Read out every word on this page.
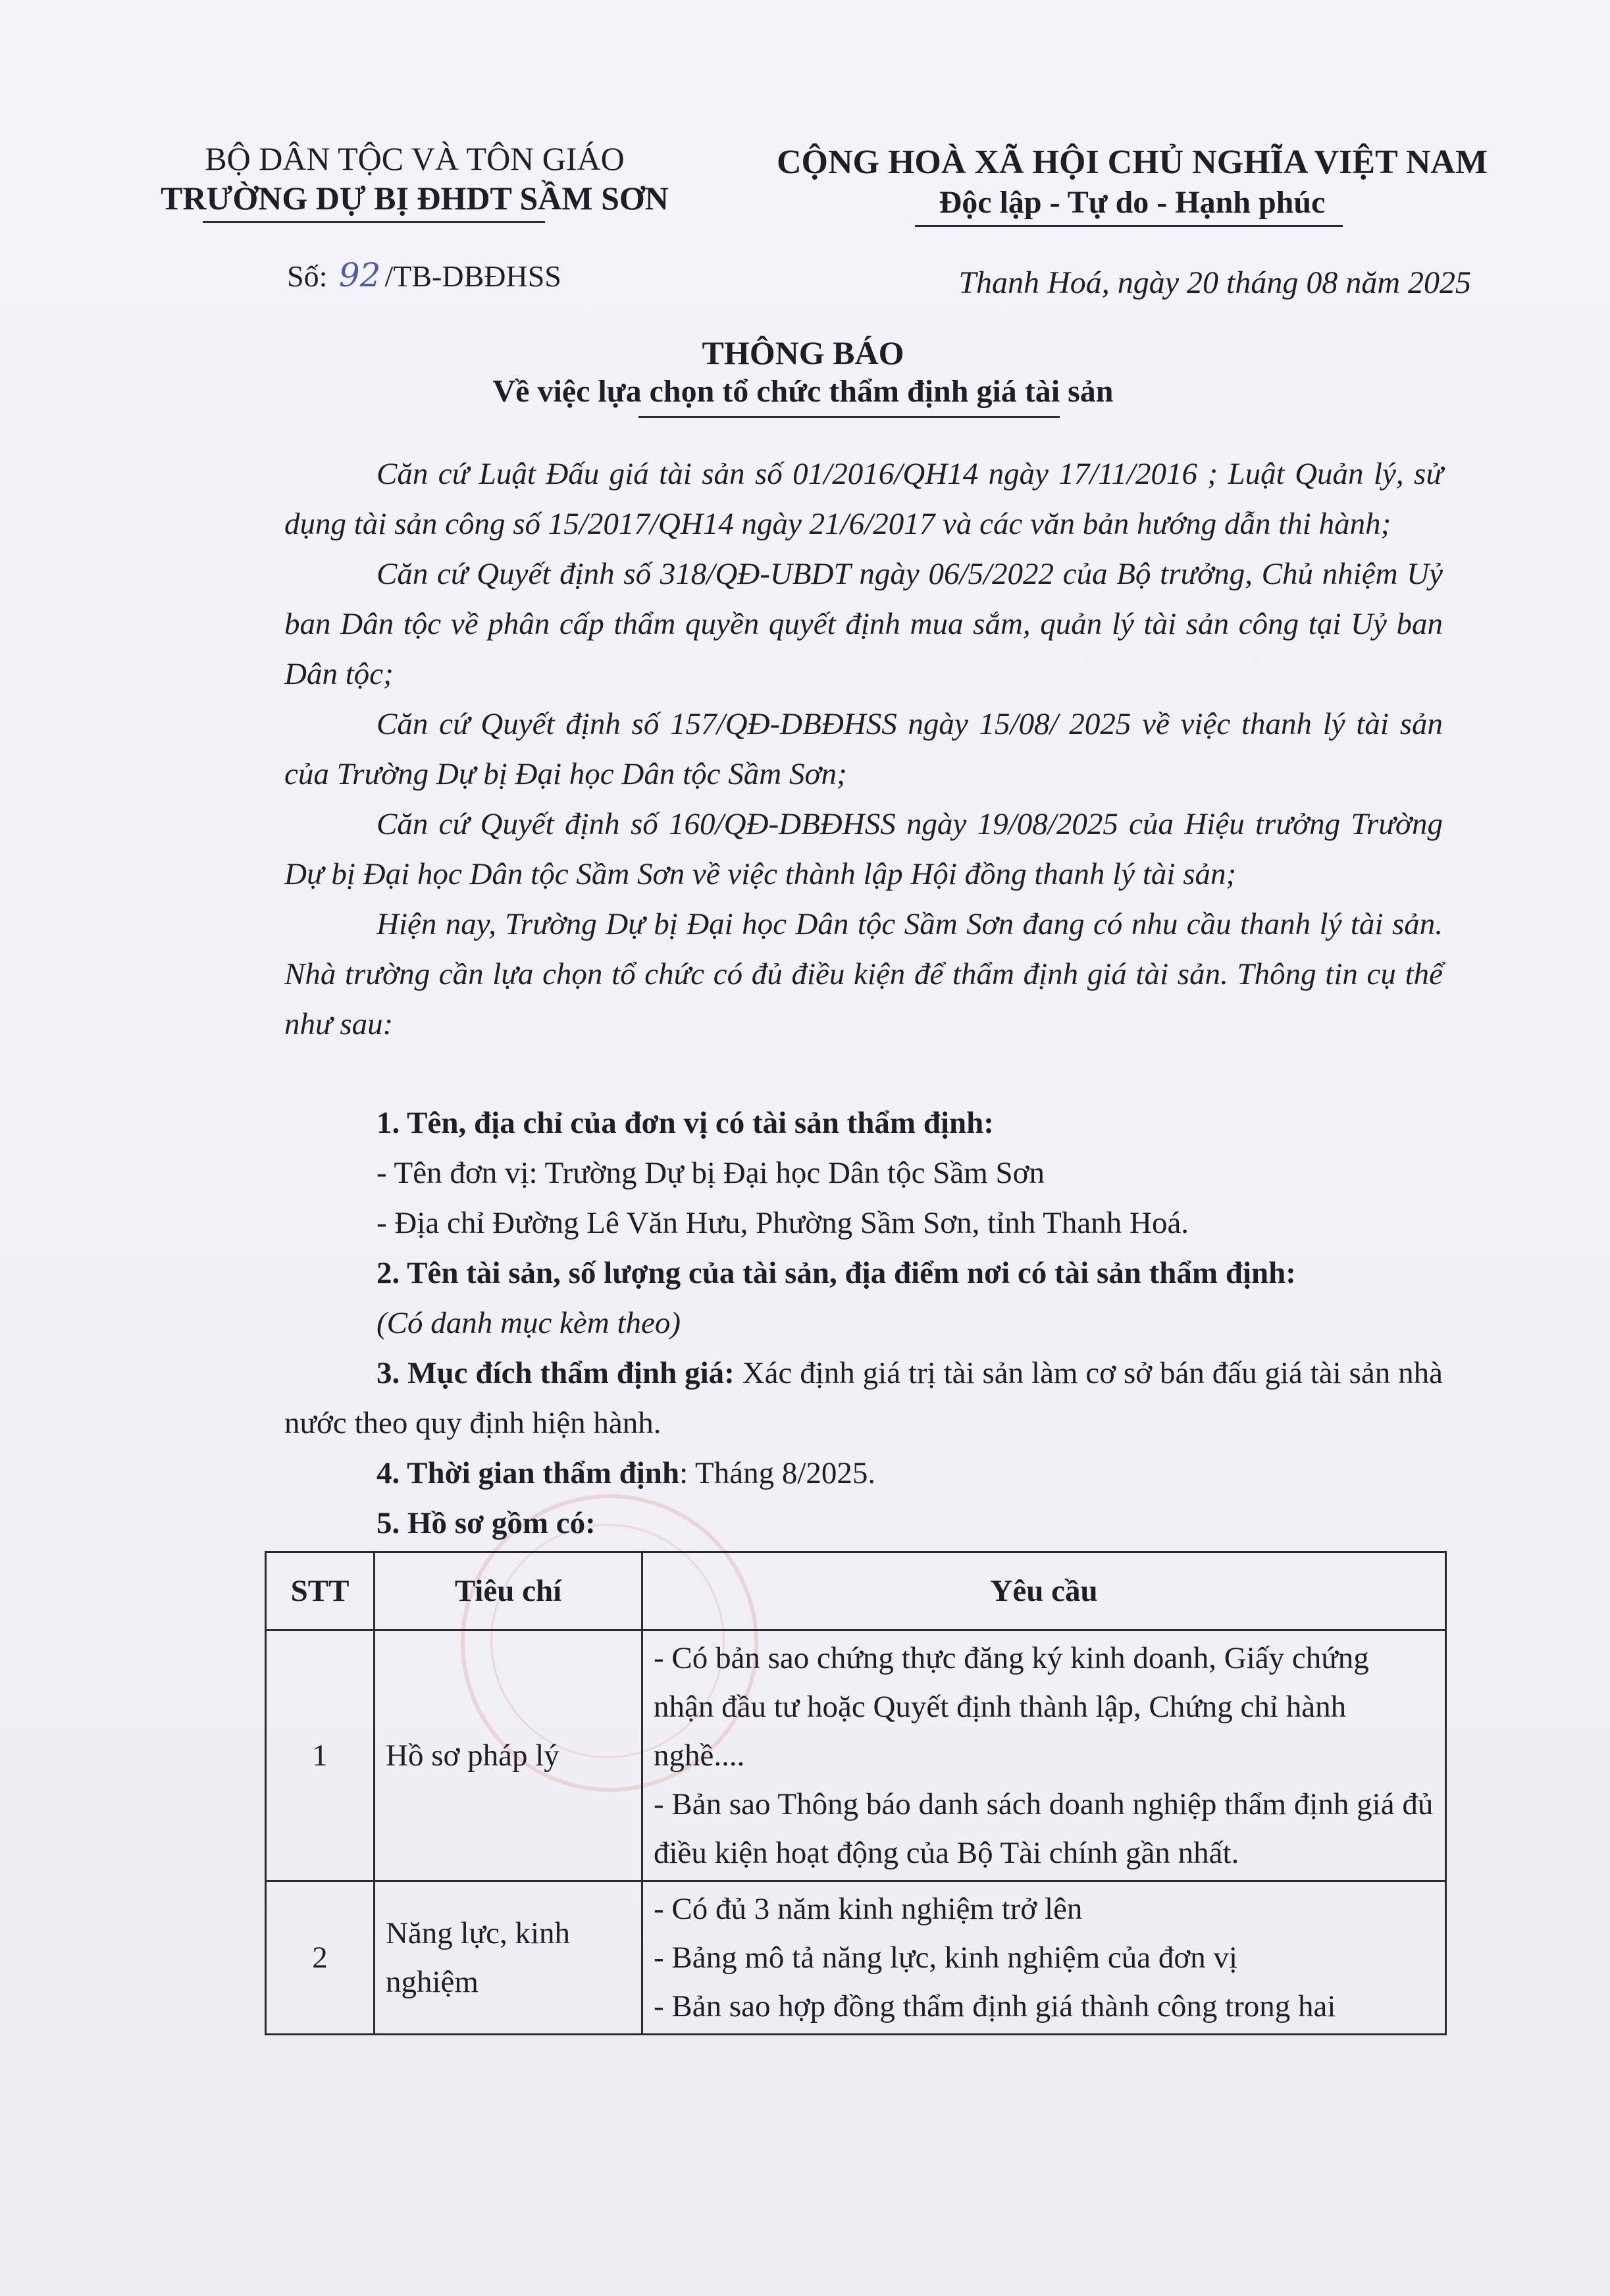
BỘ DÂN TỘC VÀ TÔN GIÁO
TRƯỜNG DỰ BỊ ĐHDT SẦM SƠN
CỘNG HOÀ XÃ HỘI CHỦ NGHĨA VIỆT NAM
Độc lập - Tự do - Hạnh phúc
Số: 92 /TB-DBĐHSS	Thanh Hoá, ngày 20 tháng 08 năm 2025
THÔNG BÁO
Về việc lựa chọn tổ chức thẩm định giá tài sản

Căn cứ Luật Đấu giá tài sản số 01/2016/QH14 ngày 17/11/2016 ; Luật Quản lý, sử dụng tài sản công số 15/2017/QH14 ngày 21/6/2017 và các văn bản hướng dẫn thi hành;

Căn cứ Quyết định số 318/QĐ-UBDT ngày 06/5/2022 của Bộ trưởng, Chủ nhiệm Uỷ ban Dân tộc về phân cấp thẩm quyền quyết định mua sắm, quản lý tài sản công tại Uỷ ban Dân tộc;

Căn cứ Quyết định số 157/QĐ-DBĐHSS ngày 15/08/ 2025 về việc thanh lý tài sản của Trường Dự bị Đại học Dân tộc Sầm Sơn;

Căn cứ Quyết định số 160/QĐ-DBĐHSS ngày 19/08/2025 của Hiệu trưởng Trường Dự bị Đại học Dân tộc Sầm Sơn về việc thành lập Hội đồng thanh lý tài sản;

Hiện nay, Trường Dự bị Đại học Dân tộc Sầm Sơn đang có nhu cầu thanh lý tài sản. Nhà trường cần lựa chọn tổ chức có đủ điều kiện để thẩm định giá tài sản. Thông tin cụ thể như sau:

1. Tên, địa chỉ của đơn vị có tài sản thẩm định:

- Tên đơn vị: Trường Dự bị Đại học Dân tộc Sầm Sơn

- Địa chỉ Đường Lê Văn Hưu, Phường Sầm Sơn, tỉnh Thanh Hoá.

2. Tên tài sản, số lượng của tài sản, địa điểm nơi có tài sản thẩm định:

(Có danh mục kèm theo)

3. Mục đích thẩm định giá: Xác định giá trị tài sản làm cơ sở bán đấu giá tài sản nhà nước theo quy định hiện hành.

4. Thời gian thẩm định: Tháng 8/2025.

5. Hồ sơ gồm có:

STT	Tiêu chí	Yêu cầu
1	Hồ sơ pháp lý	- Có bản sao chứng thực đăng ký kinh doanh, Giấy chứng nhận đầu tư hoặc Quyết định thành lập, Chứng chỉ hành nghề....
- Bản sao Thông báo danh sách doanh nghiệp thẩm định giá đủ điều kiện hoạt động của Bộ Tài chính gần nhất.

2	Năng lực, kinh nghiệm	- Có đủ 3 năm kinh nghiệm trở lên
- Bảng mô tả năng lực, kinh nghiệm của đơn vị
- Bản sao hợp đồng thẩm định giá thành công trong hai
